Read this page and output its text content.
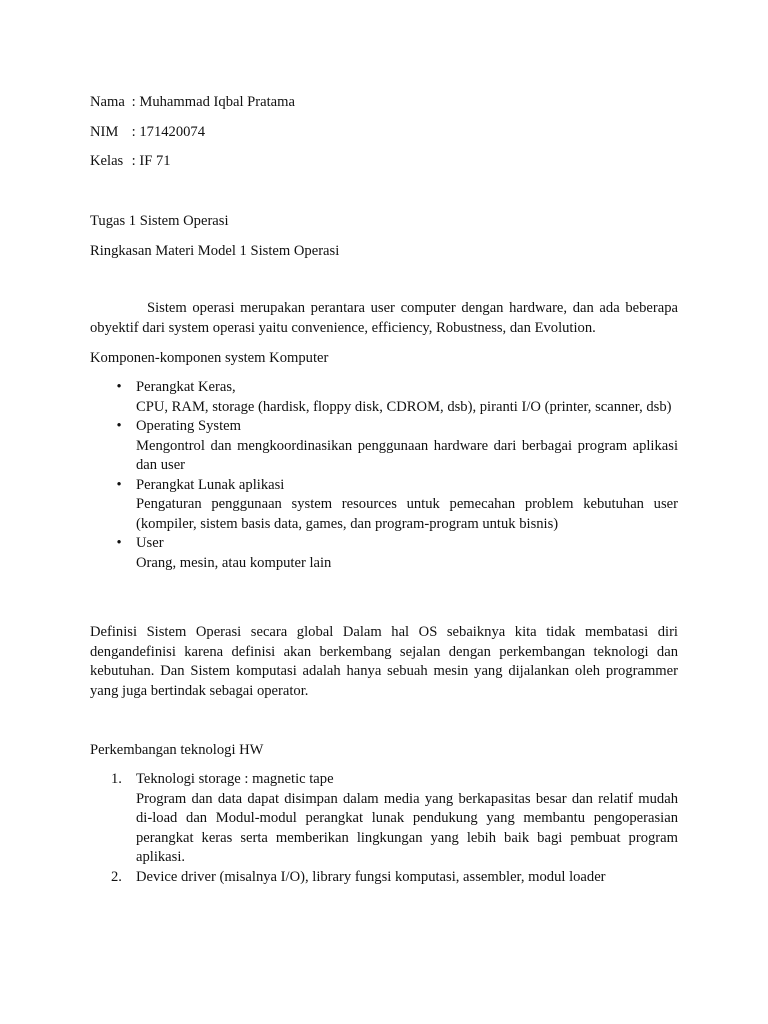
Nama : Muhammad Iqbal Pratama
NIM : 171420074
Kelas : IF 71
Tugas 1 Sistem Operasi
Ringkasan Materi Model 1 Sistem Operasi
Sistem operasi merupakan perantara user computer dengan hardware, dan ada beberapa obyektif dari system operasi yaitu convenience, efficiency, Robustness, dan Evolution.
Komponen-komponen system Komputer
• Perangkat Keras,
CPU, RAM, storage (hardisk, floppy disk, CDROM, dsb), piranti I/O (printer, scanner, dsb)
• Operating System
Mengontrol dan mengkoordinasikan penggunaan hardware dari berbagai program aplikasi dan user
• Perangkat Lunak aplikasi
Pengaturan penggunaan system resources untuk pemecahan problem kebutuhan user (kompiler, sistem basis data, games, dan program-program untuk bisnis)
• User
Orang, mesin, atau komputer lain
Definisi Sistem Operasi secara global Dalam hal OS sebaiknya kita tidak membatasi diri dengandefinisi karena definisi akan berkembang sejalan dengan perkembangan teknologi dan kebutuhan. Dan Sistem komputasi adalah hanya sebuah mesin yang dijalankan oleh programmer yang juga bertindak sebagai operator.
Perkembangan teknologi HW
1. Teknologi storage : magnetic tape
Program dan data dapat disimpan dalam media yang berkapasitas besar dan relatif mudah di-load dan Modul-modul perangkat lunak pendukung yang membantu pengoperasian perangkat keras serta memberikan lingkungan yang lebih baik bagi pembuat program aplikasi.
2. Device driver (misalnya I/O), library fungsi komputasi, assembler, modul loader
